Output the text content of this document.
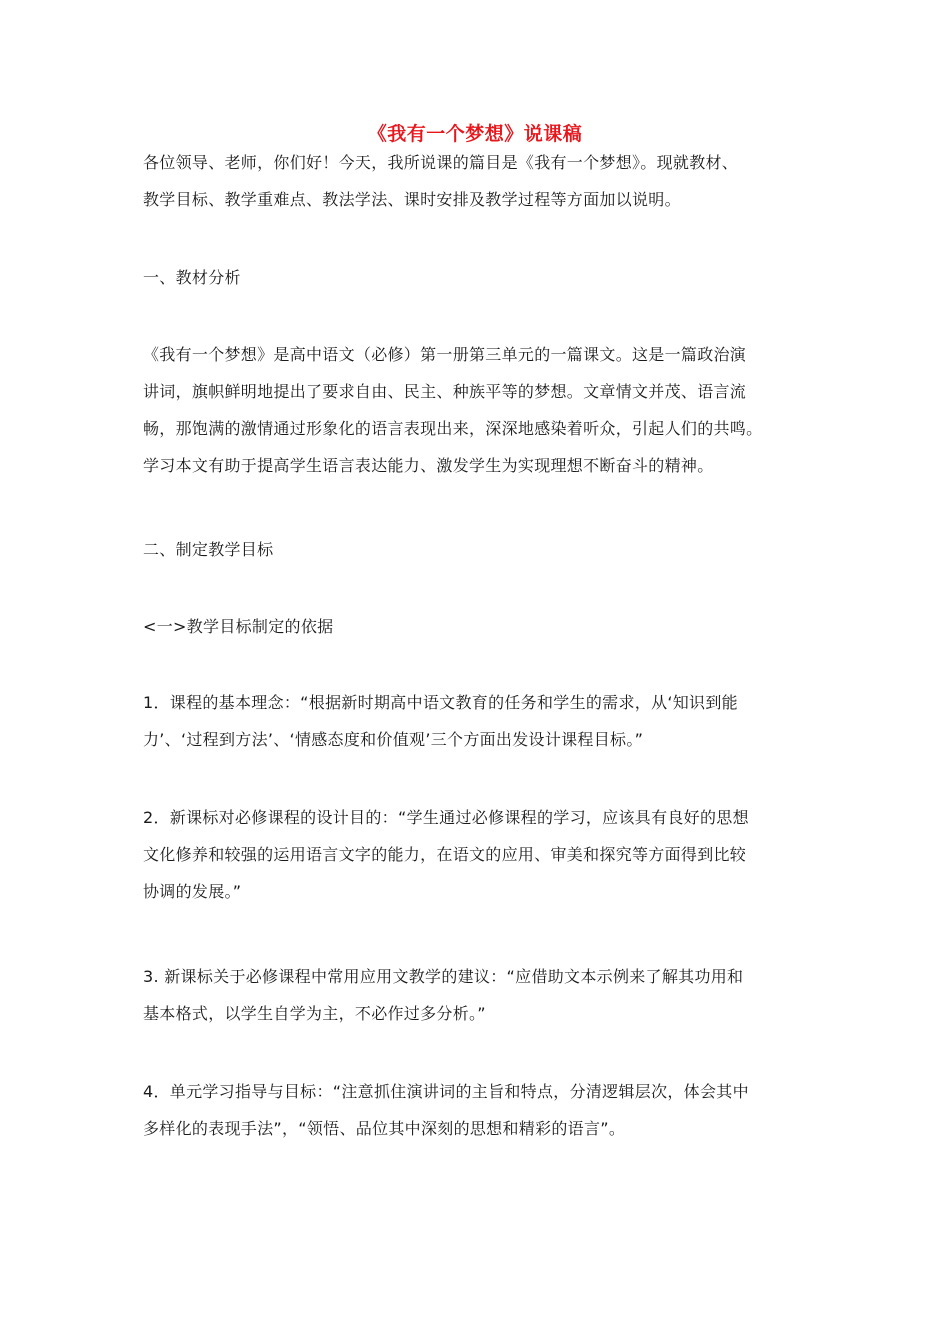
《我有一个梦想》说课稿

各位领导、老师，你们好！今天，我所说课的篇目是《我有一个梦想》。现就教材、

教学目标、教学重难点、教法学法、课时安排及教学过程等方面加以说明。

一、教材分析

《我有一个梦想》是高中语文（必修）第一册第三单元的一篇课文。这是一篇政治演

讲词，旗帜鲜明地提出了要求自由、民主、种族平等的梦想。文章情文并茂、语言流

畅，那饱满的激情通过形象化的语言表现出来，深深地感染着听众，引起人们的共鸣。

学习本文有助于提高学生语言表达能力、激发学生为实现理想不断奋斗的精神。

二、制定教学目标

<一>教学目标制定的依据

1．课程的基本理念：“根据新时期高中语文教育的任务和学生的需求，从‘知识到能

力’、‘过程到方法’、‘情感态度和价值观’三个方面出发设计课程目标。”

2．新课标对必修课程的设计目的：“学生通过必修课程的学习，应该具有良好的思想

文化修养和较强的运用语言文字的能力，在语文的应用、审美和探究等方面得到比较

协调的发展。”

3. 新课标关于必修课程中常用应用文教学的建议：“应借助文本示例来了解其功用和

基本格式，以学生自学为主，不必作过多分析。”

4．单元学习指导与目标：“注意抓住演讲词的主旨和特点，分清逻辑层次，体会其中

多样化的表现手法”，“领悟、品位其中深刻的思想和精彩的语言”。
